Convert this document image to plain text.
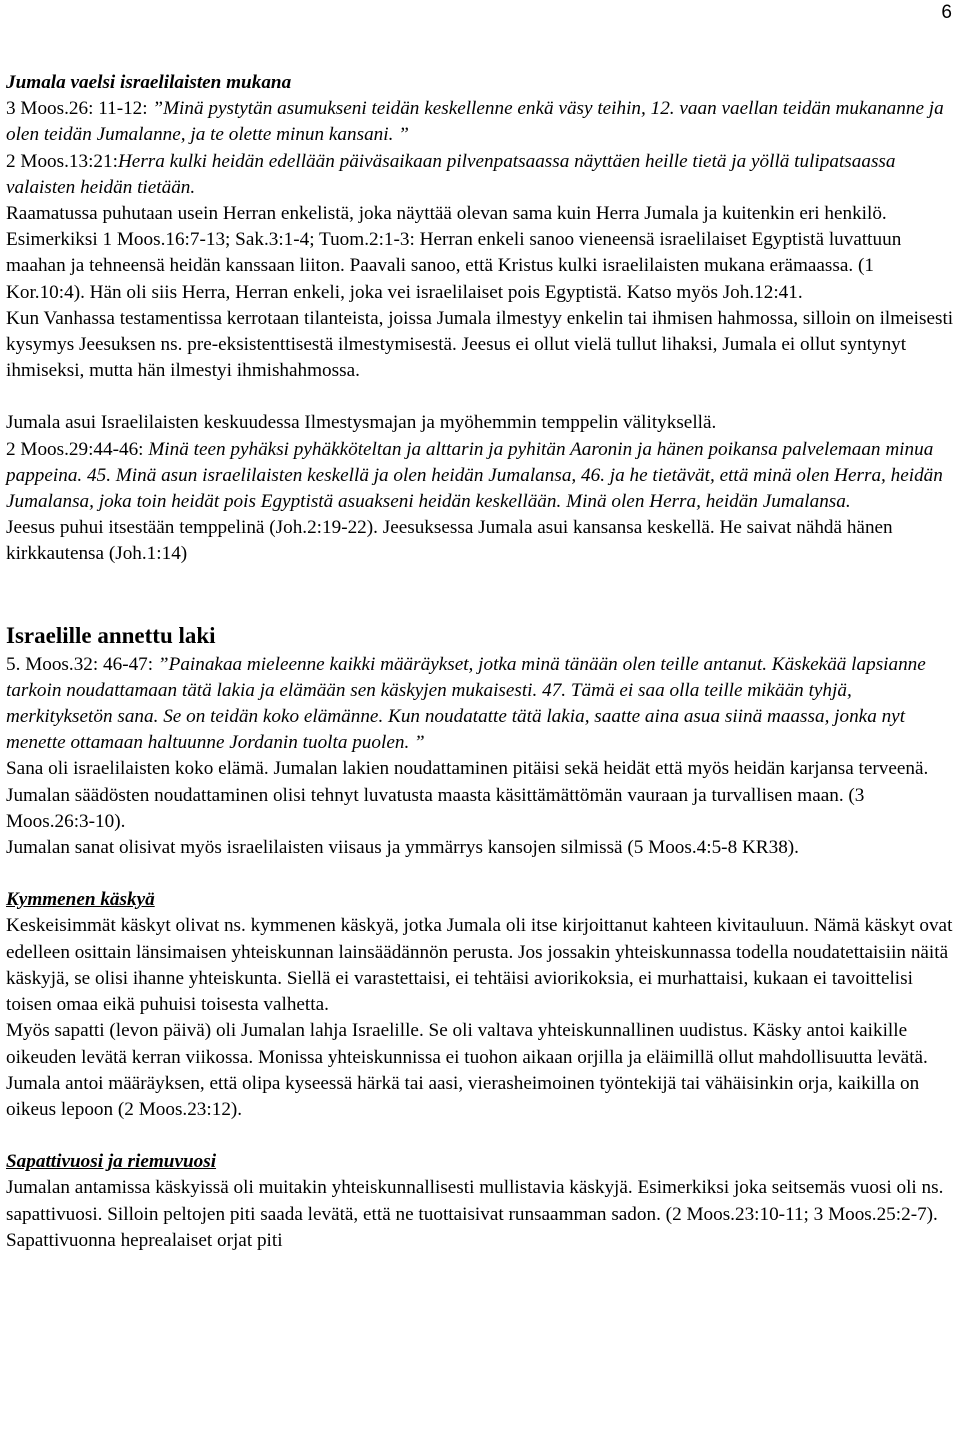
6

Jumala vaelsi israelilaisten mukana

3 Moos.26: 11-12: ”Minä pystytän asumukseni teidän keskellenne enkä väsy teihin, 12. vaan vaellan teidän mukananne ja olen teidän Jumalanne, ja te olette minun kansani. ”

2 Moos.13:21:Herra kulki heidän edellään päiväsaikaan pilvenpatsaassa näyttäen heille tietä ja yöllä tulipatsaassa valaisten heidän tietään.

Raamatussa puhutaan usein Herran enkelistä, joka näyttää olevan sama kuin Herra Jumala ja kuitenkin eri henkilö. Esimerkiksi 1 Moos.16:7-13; Sak.3:1-4; Tuom.2:1-3: Herran enkeli sanoo vieneensä israelilaiset Egyptistä luvattuun maahan ja tehneensä heidän kanssaan liiton. Paavali sanoo, että Kristus kulki israelilaisten mukana erämaassa. (1 Kor.10:4). Hän oli siis Herra, Herran enkeli, joka vei israelilaiset pois Egyptistä. Katso myös Joh.12:41.

Kun Vanhassa testamentissa kerrotaan tilanteista, joissa Jumala ilmestyy enkelin tai ihmisen hahmossa, silloin on ilmeisesti kysymys Jeesuksen ns. pre-eksistenttisestä ilmestymisestä. Jeesus ei ollut vielä tullut lihaksi, Jumala ei ollut syntynyt ihmiseksi, mutta hän ilmestyi ihmishahmossa.

Jumala asui Israelilaisten keskuudessa Ilmestysmajan ja myöhemmin temppelin välityksellä.

2 Moos.29:44-46: Minä teen pyhäksi pyhäkköteltan ja alttarin ja pyhitän Aaronin ja hänen poikansa palvelemaan minua pappeina. 45. Minä asun israelilaisten keskellä ja olen heidän Jumalansa, 46. ja he tietävät, että minä olen Herra, heidän Jumalansa, joka toin heidät pois Egyptistä asuakseni heidän keskellään. Minä olen Herra, heidän Jumalansa.

Jeesus puhui itsestään temppelinä (Joh.2:19-22). Jeesuksessa Jumala asui kansansa keskellä. He saivat nähdä hänen kirkkautensa (Joh.1:14)

Israelille annettu laki

5. Moos.32: 46-47: ”Painakaa mieleenne kaikki määräykset, jotka minä tänään olen teille antanut. Käskekää lapsianne tarkoin noudattamaan tätä lakia ja elämään sen käskyjen mukaisesti. 47. Tämä ei saa olla teille mikään tyhjä, merkityksetön sana. Se on teidän koko elämänne. Kun noudatatte tätä lakia, saatte aina asua siinä maassa, jonka nyt menette ottamaan haltuunne Jordanin tuolta puolen. ”

Sana oli israelilaisten koko elämä. Jumalan lakien noudattaminen pitäisi sekä heidät että myös heidän karjansa terveenä. Jumalan säädösten noudattaminen olisi tehnyt luvatusta maasta käsittämättömän vauraan ja turvallisen maan. (3 Moos.26:3-10).

Jumalan sanat olisivat myös israelilaisten viisaus ja ymmärrys kansojen silmissä (5 Moos.4:5-8 KR38).

Kymmenen käskyä

Keskeisimmät käskyt olivat ns. kymmenen käskyä, jotka Jumala oli itse kirjoittanut kahteen kivitauluun. Nämä käskyt ovat edelleen osittain länsimaisen yhteiskunnan lainsäädännön perusta. Jos jossakin yhteiskunnassa todella noudatettaisiin näitä käskyjä, se olisi ihanne yhteiskunta. Siellä ei varastettaisi, ei tehtäisi aviorikoksia, ei murhattaisi, kukaan ei tavoittelisi toisen omaa eikä puhuisi toisesta valhetta.

Myös sapatti (levon päivä) oli Jumalan lahja Israelille. Se oli valtava yhteiskunnallinen uudistus. Käsky antoi kaikille oikeuden levätä kerran viikossa. Monissa yhteiskunnissa ei tuohon aikaan orjilla ja eläimillä ollut mahdollisuutta levätä. Jumala antoi määräyksen, että olipa kyseessä härkä tai aasi, vierasheimoinen työntekijä tai vähäisinkin orja, kaikilla on oikeus lepoon (2 Moos.23:12).

Sapattivuosi ja riemuvuosi

Jumalan antamissa käskyissä oli muitakin yhteiskunnallisesti mullistavia käskyjä. Esimerkiksi joka seitsemäs vuosi oli ns. sapattivuosi. Silloin peltojen piti saada levätä, että ne tuottaisivat runsaamman sadon. (2 Moos.23:10-11; 3 Moos.25:2-7). Sapattivuonna heprealaiset orjat piti
